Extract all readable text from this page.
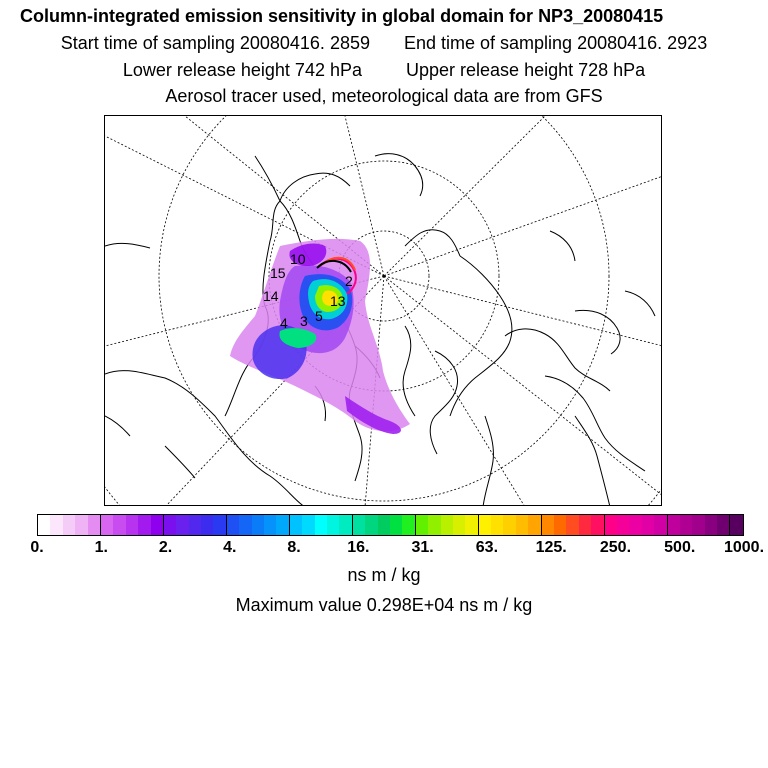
Column-integrated emission sensitivity in global domain for NP3_20080415
Start time of sampling 20080416. 2859 End time of sampling 20080416. 2923
Lower release height 742 hPa Upper release height 728 hPa
Aerosol tracer used, meteorological data are from GFS
10
15
13
14
5
4 3
2
0.	1.	2.	4.	8.	16.	31.	63. 125. 250. 500. 1000.
ns m / kg
Maximum value 0.298E+04 ns m / kg
